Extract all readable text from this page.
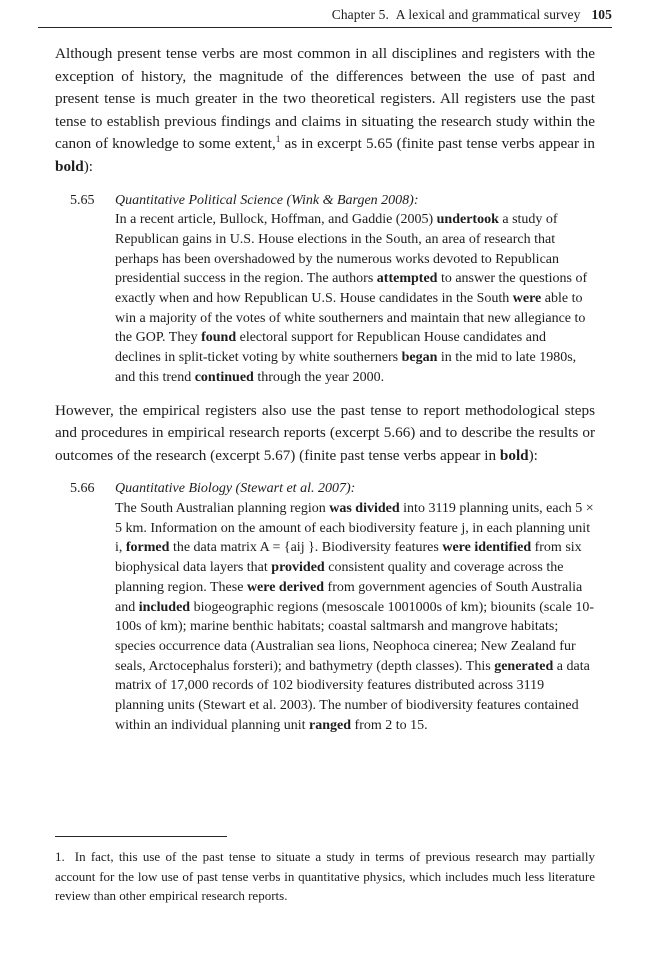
Chapter 5. A lexical and grammatical survey 105

Although present tense verbs are most common in all disciplines and registers with the exception of history, the magnitude of the differences between the use of past and present tense is much greater in the two theoretical registers. All registers use the past tense to establish previous findings and claims in situating the research study within the canon of knowledge to some extent,$^1$ as in excerpt 5.65 (finite past tense verbs appear in bold):

5.65	Quantitative Political Science (Wink & Bargen 2008):
In a recent article, Bullock, Hoffman, and Gaddie (2005) undertook a study of Republican gains in U.S. House elections in the South, an area of research that perhaps has been overshadowed by the numerous works devoted to Republican presidential success in the region. The authors attempted to answer the questions of exactly when and how Republican U.S. House candidates in the South were able to win a majority of the votes of white southerners and maintain that new allegiance to the GOP. They found electoral support for Republican House candidates and declines in split-ticket voting by white southerners began in the mid to late 1980s, and this trend continued through the year 2000.

However, the empirical registers also use the past tense to report methodological steps and procedures in empirical research reports (excerpt 5.66) and to describe the results or outcomes of the research (excerpt 5.67) (finite past tense verbs appear in bold):

5.66	Quantitative Biology (Stewart et al. 2007):
The South Australian planning region was divided into 3119 planning units, each 5 × 5 km. Information on the amount of each biodiversity feature j, in each planning unit i, formed the data matrix A = {aij }. Biodiversity features were identified from six biophysical data layers that provided consistent quality and coverage across the planning region. These were derived from government agencies of South Australia and included biogeographic regions (mesoscale 1001000s of km); biounits (scale 10-100s of km); marine benthic habitats; coastal saltmarsh and mangrove habitats; species occurrence data (Australian sea lions, Neophoca cinerea; New Zealand fur seals, Arctocephalus forsteri); and bathymetry (depth classes). This generated a data matrix of 17,000 records of 102 biodiversity features distributed across 3119 planning units (Stewart et al. 2003). The number of biodiversity features contained within an individual planning unit ranged from 2 to 15.

1. In fact, this use of the past tense to situate a study in terms of previous research may partially account for the low use of past tense verbs in quantitative physics, which includes much less literature review than other empirical research reports.
